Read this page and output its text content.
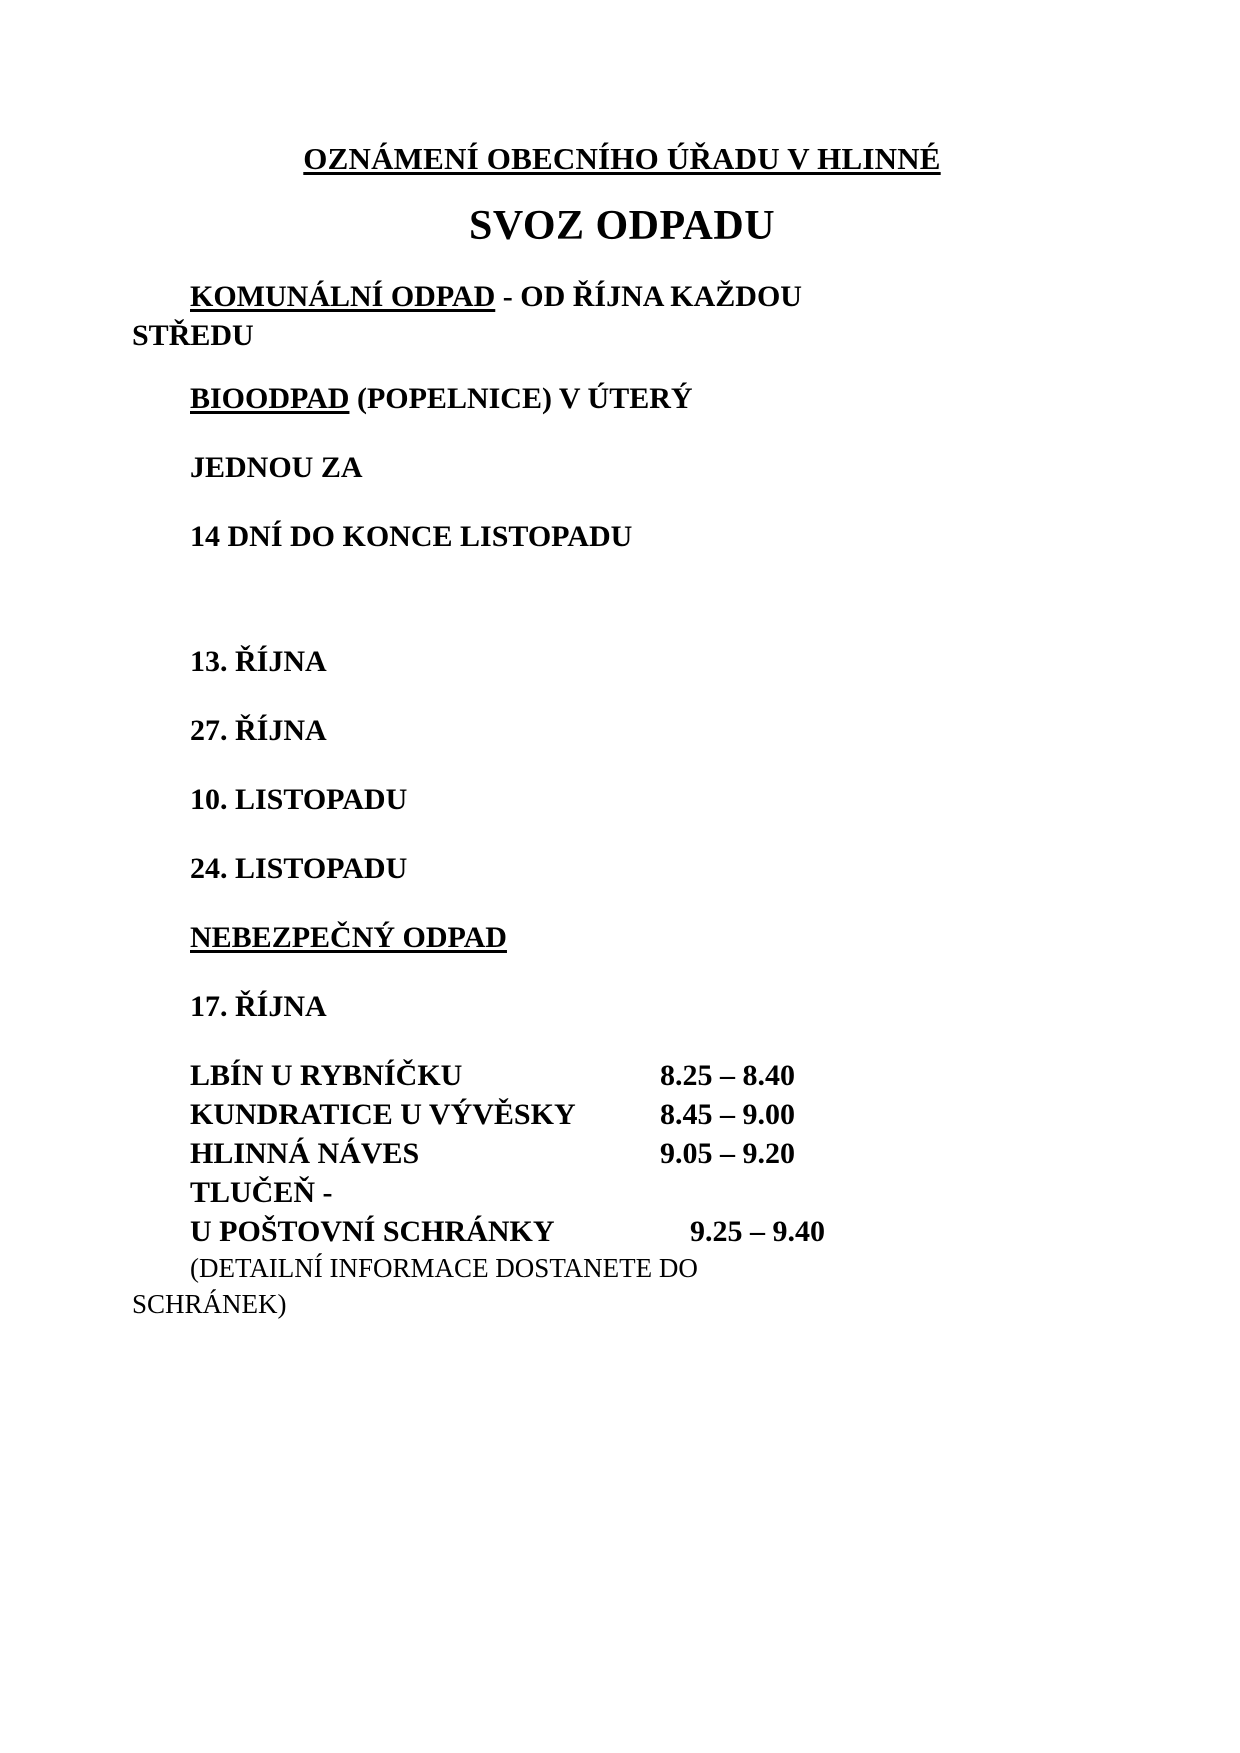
OZNÁMENÍ OBECNÍHO ÚŘADU V HLINNÉ
SVOZ ODPADU

KOMUNÁLNÍ ODPAD - OD ŘÍJNA KAŽDOU

STŘEDU

BIOODPAD (POPELNICE) V ÚTERÝ

JEDNOU ZA

14 DNÍ DO KONCE LISTOPADU

13. ŘÍJNA

27. ŘÍJNA

10. LISTOPADU

24. LISTOPADU

NEBEZPEČNÝ ODPAD

17. ŘÍJNA

LBÍN U RYBNÍČKU	8.25 – 8.40
KUNDRATICE U VÝVĚSKY	8.45 – 9.00
HLINNÁ NÁVES	9.05 – 9.20
TLUČEŇ -
U POŠTOVNÍ SCHRÁNKY	9.25 – 9.40

(DETAILNÍ INFORMACE DOSTANETE DO

SCHRÁNEK)
